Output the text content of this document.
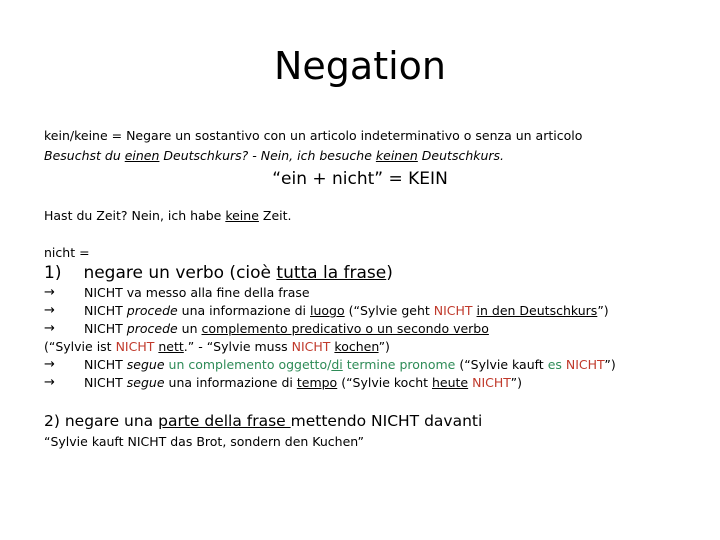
Negation
kein/keine = Negare un sostantivo con un articolo indeterminativo o senza un articolo
Besuchst du einen Deutschkurs? - Nein, ich besuche keinen Deutschkurs.
“ein + nicht” = KEIN
Hast du Zeit? Nein, ich habe keine Zeit.
nicht =
1) negare un verbo (cioè tutta la frase)
→ NICHT va messo alla fine della frase
→ NICHT procede una informazione di luogo (“Sylvie geht NICHT in den Deutschkurs”)
→ NICHT procede un complemento predicativo o un secondo verbo
(“Sylvie ist NICHT nett.” - “Sylvie muss NICHT kochen”)
→ NICHT segue un complemento oggetto/di termine pronome (“Sylvie kauft es NICHT”)
→ NICHT segue una informazione di tempo (“Sylvie kocht heute NICHT”)
2) negare una parte della frase mettendo NICHT davanti
“Sylvie kauft NICHT das Brot, sondern den Kuchen”
